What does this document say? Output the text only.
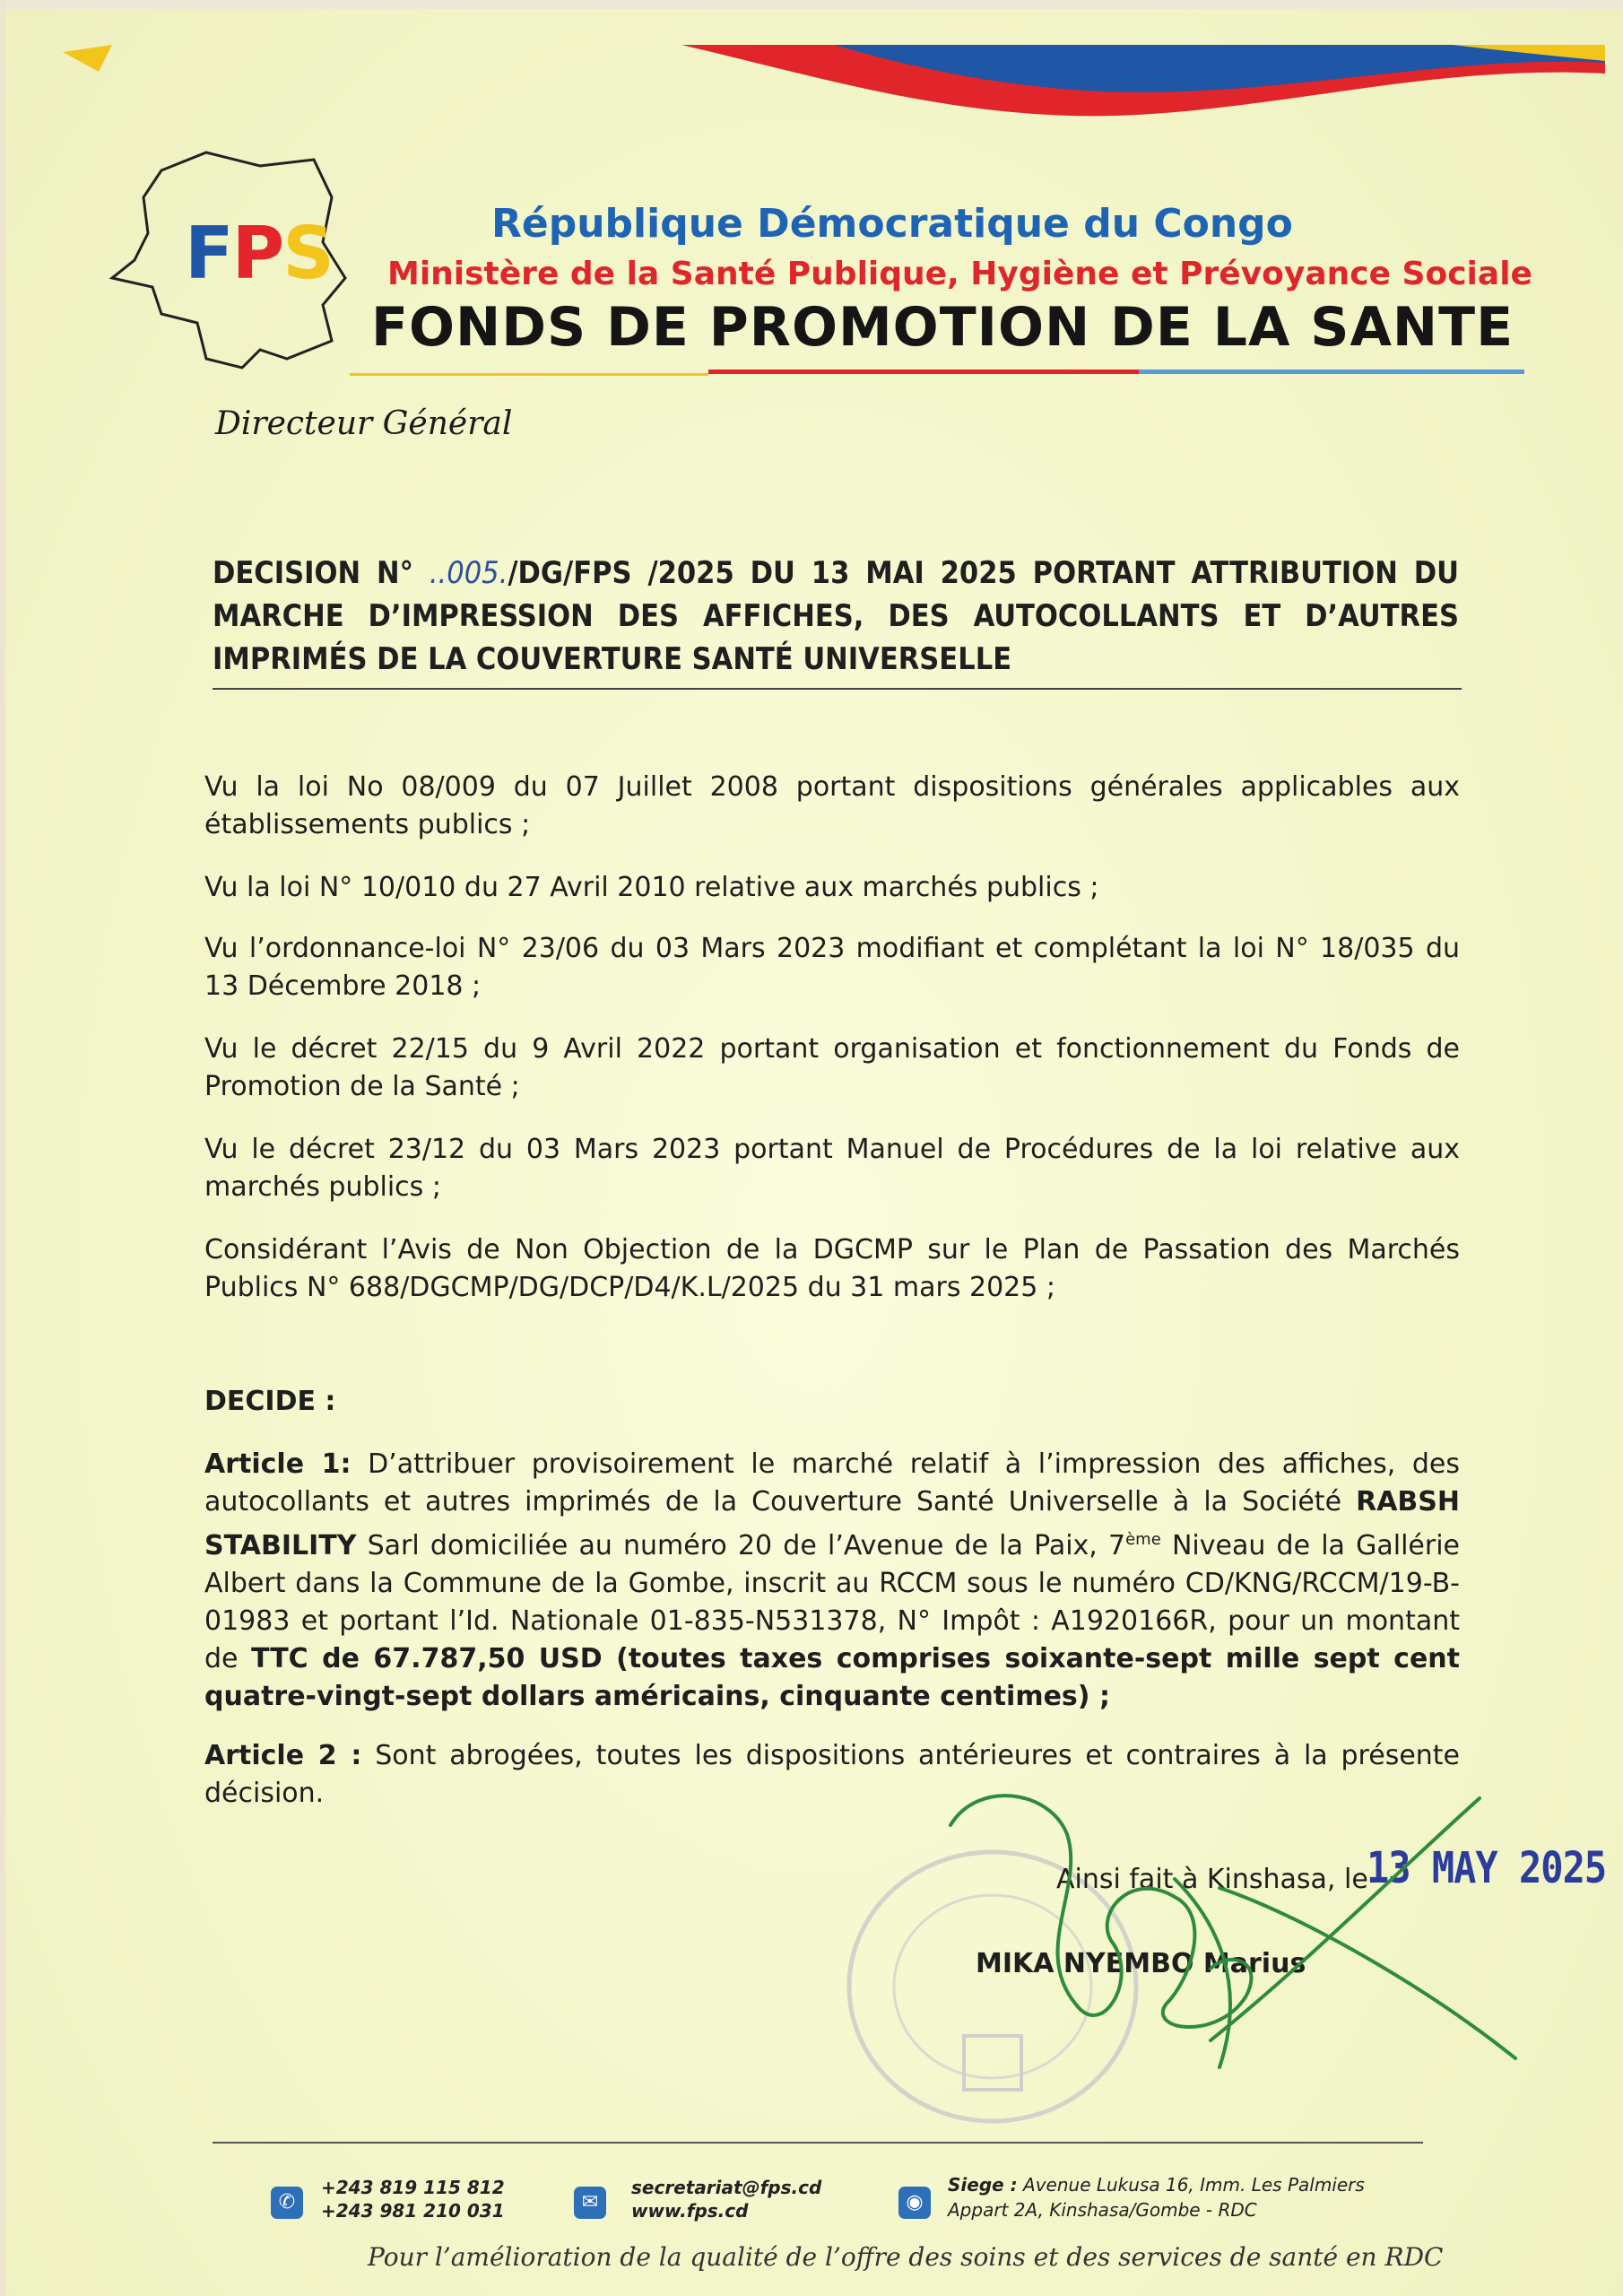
FPS	République Démocratique du Congo
Ministère de la Santé Publique, Hygiène et Prévoyance Sociale
FONDS DE PROMOTION DE LA SANTE
Directeur Général
DECISION N° ..005./DG/FPS /2025 DU 13 MAI 2025 PORTANT ATTRIBUTION DU MARCHE D’IMPRESSION DES AFFICHES, DES AUTOCOLLANTS ET D’AUTRES IMPRIMÉS DE LA COUVERTURE SANTÉ UNIVERSELLE
Vu la loi No 08/009 du 07 Juillet 2008 portant dispositions générales applicables aux établissements publics ;
Vu la loi N° 10/010 du 27 Avril 2010 relative aux marchés publics ;
Vu l’ordonnance-loi N° 23/06 du 03 Mars 2023 modifiant et complétant la loi N° 18/035 du 13 Décembre 2018 ;
Vu le décret 22/15 du 9 Avril 2022 portant organisation et fonctionnement du Fonds de Promotion de la Santé ;
Vu le décret 23/12 du 03 Mars 2023 portant Manuel de Procédures de la loi relative aux marchés publics ;
Considérant l’Avis de Non Objection de la DGCMP sur le Plan de Passation des Marchés Publics N° 688/DGCMP/DG/DCP/D4/K.L/2025 du 31 mars 2025 ;
DECIDE :
Article 1: D’attribuer provisoirement le marché relatif à l’impression des affiches, des autocollants et autres imprimés de la Couverture Santé Universelle à la Société RABSH STABILITY Sarl domiciliée au numéro 20 de l’Avenue de la Paix, 7ème Niveau de la Gallérie Albert dans la Commune de la Gombe, inscrit au RCCM sous le numéro CD/KNG/RCCM/19-B-01983 et portant l’Id. Nationale 01-835-N531378, N° Impôt : A1920166R, pour un montant de TTC de 67.787,50 USD (toutes taxes comprises soixante-sept mille sept cent quatre-vingt-sept dollars américains, cinquante centimes) ;
Article 2 : Sont abrogées, toutes les dispositions antérieures et contraires à la présente décision.
Ainsi fait à Kinshasa, le
13 MAY 2025
MIKA NYEMBO Marius
✆
+243 819 115 812
+243 981 210 031	✉
secretariat@fps.cd
www.fps.cd	◉
Siege : Avenue Lukusa 16, Imm. Les Palmiers
Appart 2A, Kinshasa/Gombe - RDC
Pour l’amélioration de la qualité de l’offre des soins et des services de santé en RDC
